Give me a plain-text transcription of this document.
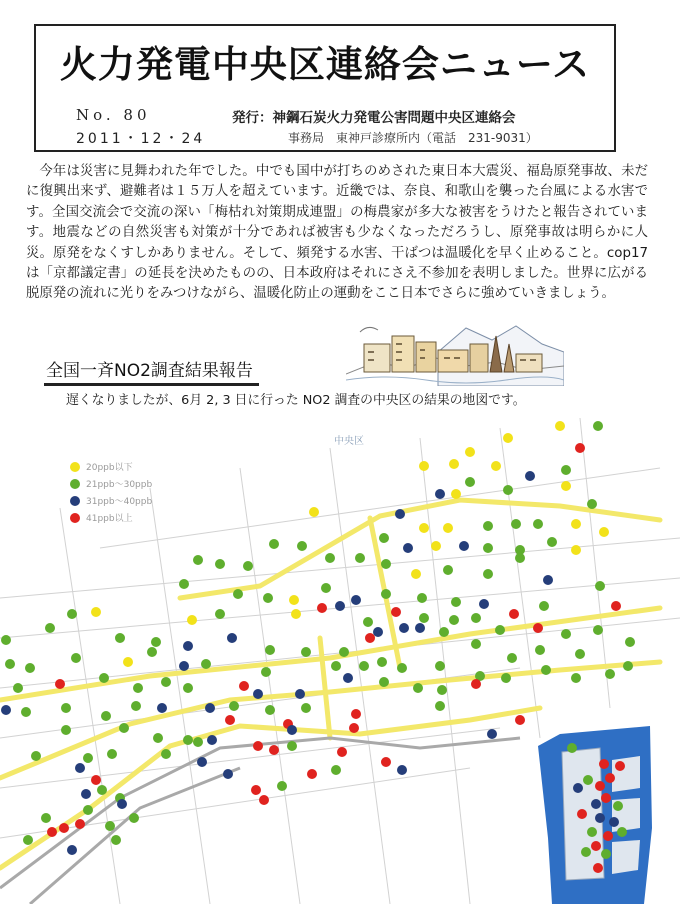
火力発電中央区連絡会ニュース
No. 80
2011・12・24
発行：神鋼石炭火力発電公害問題中央区連絡会
事務局　東神戸診療所内（電話　231-9031）
今年は災害に見舞われた年でした。中でも国中が打ちのめされた東日本大震災、福島原発事故、未だに復興出来ず、避難者は１５万人を超えています。近畿では、奈良、和歌山を襲った台風による水害です。全国交流会で交流の深い「梅枯れ対策期成連盟」の梅農家が多大な被害をうけたと報告されています。地震などの自然災害も対策が十分であれば被害も少なくなっただろうし、原発事故は明らかに人災。原発をなくすしかありません。そして、頻発する水害、干ばつは温暖化を早く止めること。cop17 は「京都議定書」の延長を決めたものの、日本政府はそれにさえ不参加を表明しました。世界に広がる脱原発の流れに光りをみつけながら、温暖化防止の運動をここ日本でさらに強めていきましょう。
全国一斉NO2調査結果報告
遅くなりましたが、6月 2, 3 日に行った NO2 調査の中央区の結果の地図です。
中央区
20ppb以下
21ppb〜30ppb
31ppb〜40ppb
41ppb以上
